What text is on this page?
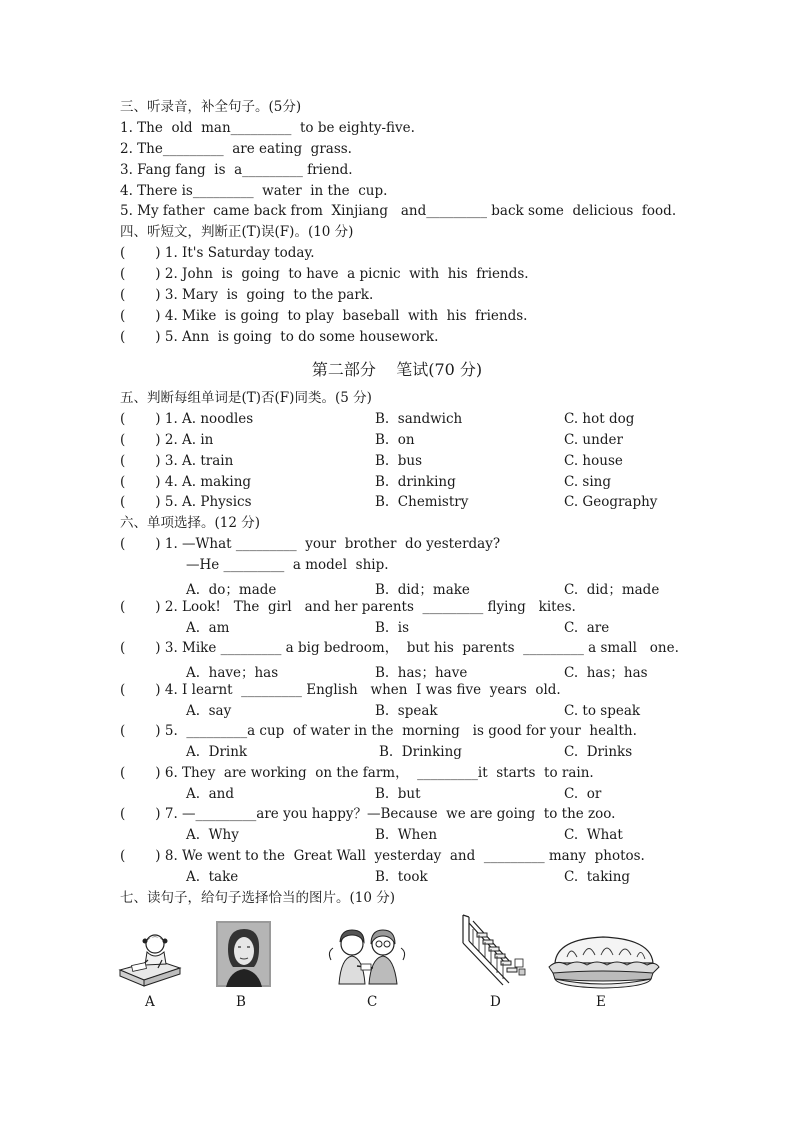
三、听录音，补全句子。(5分)
1. The  old  man_________  to be eighty-five.
2. The_________  are eating  grass.
3. Fang fang  is  a_________ friend.
4. There is_________  water  in the  cup.
5. My father  came back from  Xinjiang   and_________ back some  delicious  food.
四、听短文，判断正(T)误(F)。(10 分)
(       ) 1. It's Saturday today.
(       ) 2. John  is  going  to have  a picnic  with  his  friends.
(       ) 3. Mary  is  going  to the park.
(       ) 4. Mike  is going  to play  baseball  with  his  friends.
(       ) 5. Ann  is going  to do some housework.
第二部分    笔试(70 分)
五、判断每组单词是(T)否(F)同类。(5 分)
(       ) 1. A. noodles	B.  sandwich	C. hot dog
(       ) 2. A. in	B.  on	C. under
(       ) 3. A. train	B.  bus	C. house
(       ) 4. A. making	B.  drinking	C. sing
(       ) 5. A. Physics	B.  Chemistry	C. Geography
六、单项选择。(12 分)
(       ) 1. —What _________  your  brother  do yesterday?
—He _________  a model  ship.
A.  do；made	B.  did；make	C.  did；made
(       ) 2. Look!   The  girl   and her parents  _________ flying   kites.
A.  am	B.  is	C.  are
(       ) 3. Mike _________ a big bedroom，  but his  parents  _________ a small   one.
A.  have；has	B.  has；have	C.  has；has
(       ) 4. I learnt  _________ English   when  I was five  years  old.
A.  say	B.  speak	C. to speak
(       ) 5.  _________a cup  of water in the  morning   is good for your  health.
A.  Drink	B.  Drinking	C.  Drinks
(       ) 6. They  are working  on the farm，  _________it  starts  to rain.
A.  and	B.  but	C.  or
(       ) 7. —_________are you happy？—Because  we are going  to the zoo.
A.  Why	B.  When	C.  What
(       ) 8. We went to the  Great Wall  yesterday  and  _________ many  photos.
A.  take	B.  took	C.  taking
七、读句子，给句子选择恰当的图片。(10 分)
A	B	C	D	E
